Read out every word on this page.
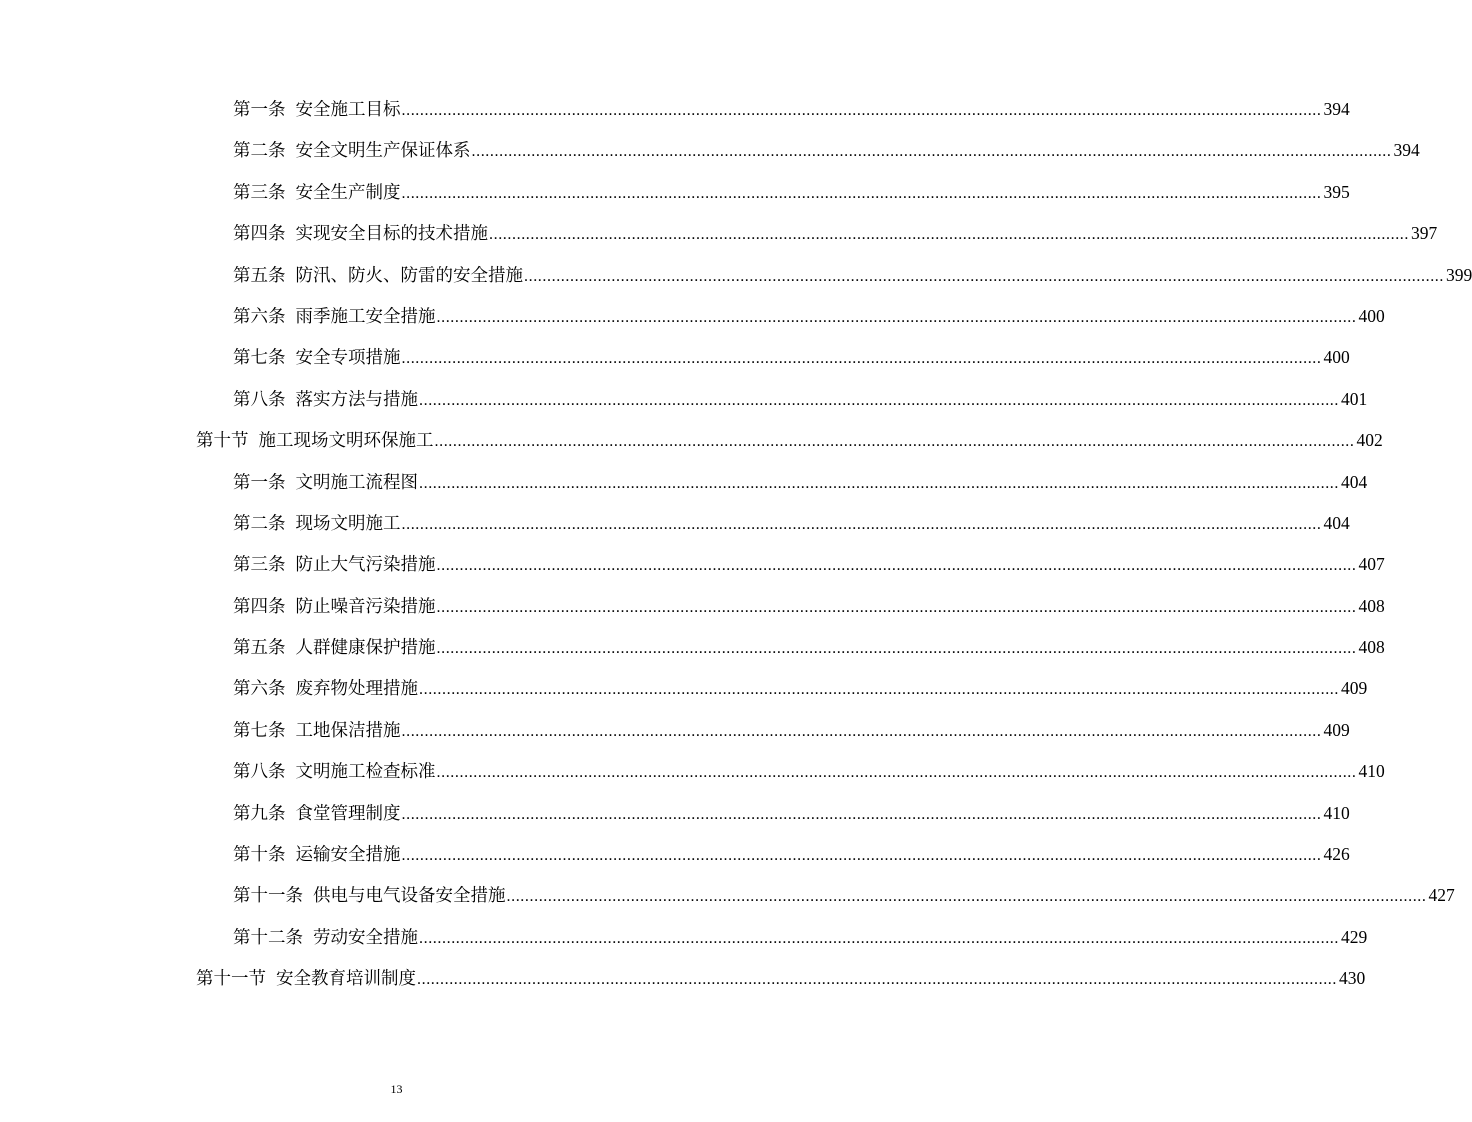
第一条 安全施工目标 ........................................................................................................................................................................................................ 394
第二条 安全文明生产保证体系 ........................................................................................................................................................................................................ 394
第三条 安全生产制度 ........................................................................................................................................................................................................ 395
第四条 实现安全目标的技术措施 ........................................................................................................................................................................................................ 397
第五条 防汛、防火、防雷的安全措施 ........................................................................................................................................................................................................ 399
第六条 雨季施工安全措施 ........................................................................................................................................................................................................ 400
第七条 安全专项措施 ........................................................................................................................................................................................................ 400
第八条 落实方法与措施 ........................................................................................................................................................................................................ 401
第十节 施工现场文明环保施工 ........................................................................................................................................................................................................ 402
第一条 文明施工流程图 ........................................................................................................................................................................................................ 404
第二条 现场文明施工 ........................................................................................................................................................................................................ 404
第三条 防止大气污染措施 ........................................................................................................................................................................................................ 407
第四条 防止噪音污染措施 ........................................................................................................................................................................................................ 408
第五条 人群健康保护措施 ........................................................................................................................................................................................................ 408
第六条 废弃物处理措施 ........................................................................................................................................................................................................ 409
第七条 工地保洁措施 ........................................................................................................................................................................................................ 409
第八条 文明施工检查标准 ........................................................................................................................................................................................................ 410
第九条 食堂管理制度 ........................................................................................................................................................................................................ 410
第十条 运输安全措施 ........................................................................................................................................................................................................ 426
第十一条 供电与电气设备安全措施 ........................................................................................................................................................................................................ 427
第十二条 劳动安全措施 ........................................................................................................................................................................................................ 429
第十一节 安全教育培训制度 ........................................................................................................................................................................................................ 430
13
